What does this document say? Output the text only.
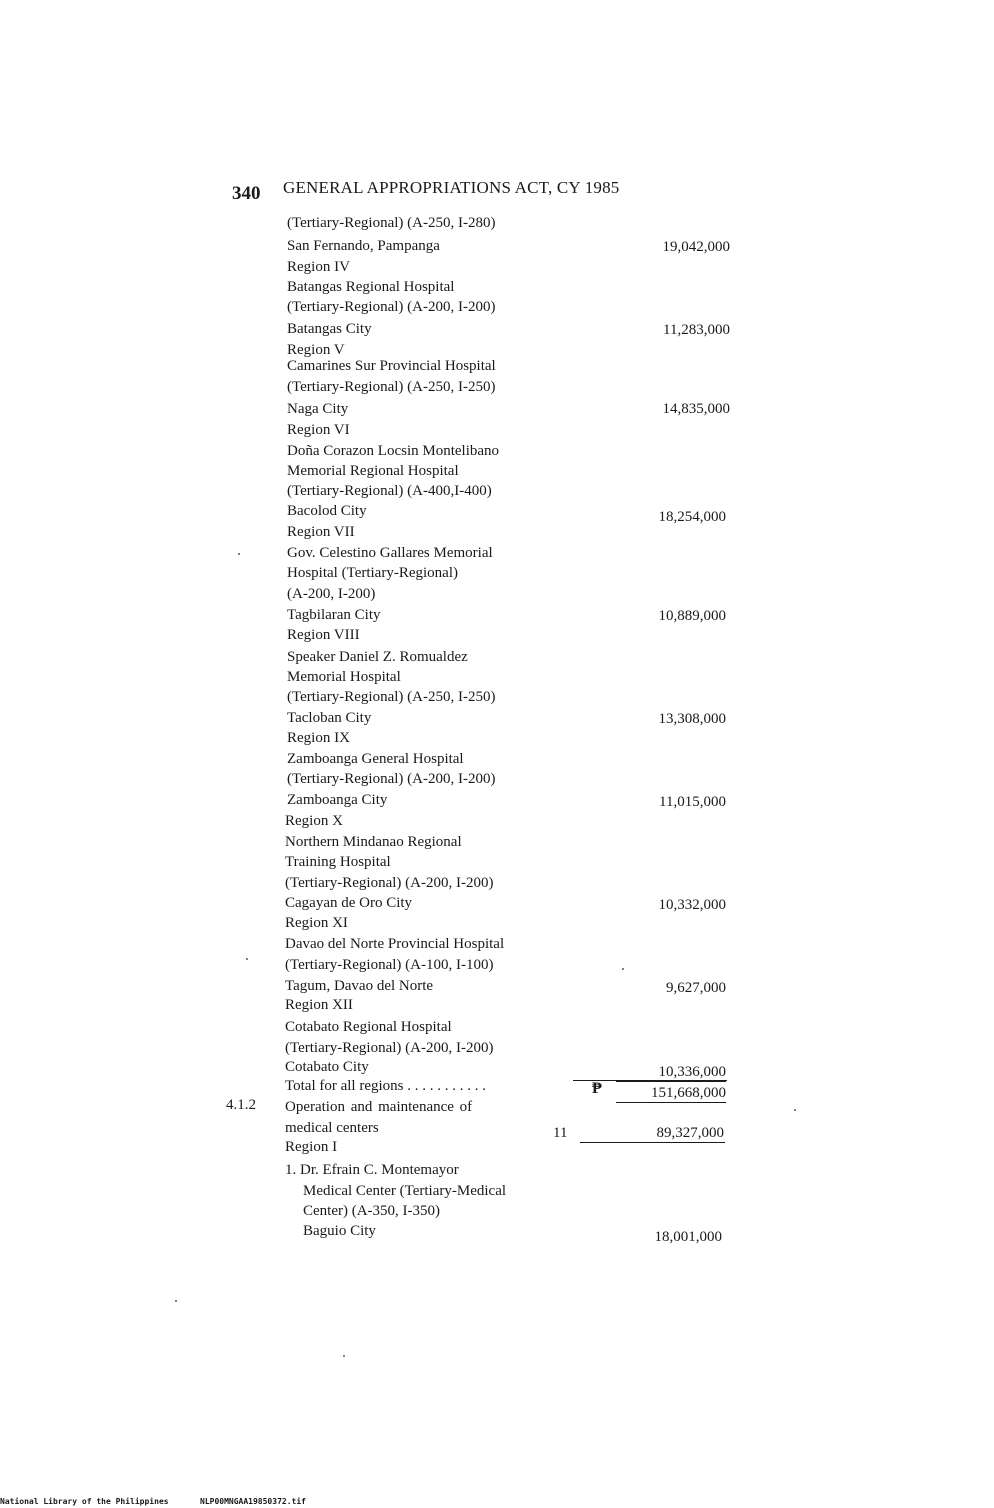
340 GENERAL APPROPRIATIONS ACT, CY 1985
(Tertiary-Regional) (A-250, I-280)
San Fernando, Pampanga	19,042,000
Region IV
Batangas Regional Hospital
(Tertiary-Regional) (A-200, I-200)
Batangas City	11,283,000
Region V
Camarines Sur Provincial Hospital
(Tertiary-Regional) (A-250, I-250)
Naga City	14,835,000
Region VI
Doña Corazon Locsin Montelibano
Memorial Regional Hospital
(Tertiary-Regional) (A-400,I-400)
Bacolod City	18,254,000
Region VII
Gov. Celestino Gallares Memorial
Hospital (Tertiary-Regional)
(A-200, I-200)
Tagbilaran City	10,889,000
Region VIII
Speaker Daniel Z. Romualdez
Memorial Hospital
(Tertiary-Regional) (A-250, I-250)
Tacloban City	13,308,000
Region IX
Zamboanga General Hospital
(Tertiary-Regional) (A-200, I-200)
Zamboanga City	11,015,000
Region X
Northern Mindanao Regional
Training Hospital
(Tertiary-Regional) (A-200, I-200)
Cagayan de Oro City	10,332,000
Region XI
Davao del Norte Provincial Hospital
(Tertiary-Regional) (A-100, I-100)
Tagum, Davao del Norte	9,627,000
Region XII
Cotabato Regional Hospital
(Tertiary-Regional) (A-200, I-200)
Cotabato City	10,336,000
Total for all regions . . . . . . . . . . .	₱	151,668,000
4.1.2 Operation and maintenance of
medical centers	11	89,327,000
Region I
1. Dr. Efrain C. Montemayor
Medical Center (Tertiary-Medical
Center) (A-350, I-350)
Baguio City	18,001,000
National Library of the Philippines	NLP00MNGAA19850372.tif
